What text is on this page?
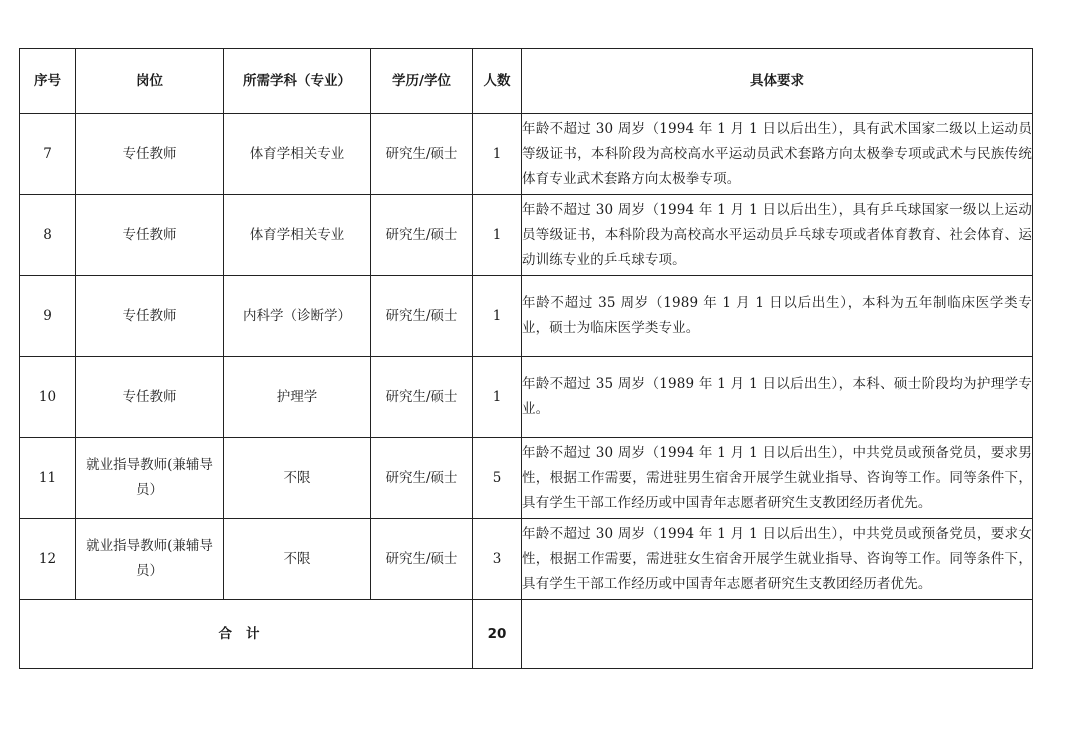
序号	岗位	所需学科（专业）	学历/学位	人数	具体要求
7	专任教师	体育学相关专业	研究生/硕士	1	年龄不超过 30 周岁（1994 年 1 月 1 日以后出生），具有武术国家二级以上运动员等级证书，本科阶段为高校高水平运动员武术套路方向太极拳专项或武术与民族传统体育专业武术套路方向太极拳专项。
8	专任教师	体育学相关专业	研究生/硕士	1	年龄不超过 30 周岁（1994 年 1 月 1 日以后出生），具有乒乓球国家一级以上运动员等级证书，本科阶段为高校高水平运动员乒乓球专项或者体育教育、社会体育、运动训练专业的乒乓球专项。
9	专任教师	内科学（诊断学）	研究生/硕士	1	年龄不超过 35 周岁（1989 年 1 月 1 日以后出生），本科为五年制临床医学类专业，硕士为临床医学类专业。
10	专任教师	护理学	研究生/硕士	1	年龄不超过 35 周岁（1989 年 1 月 1 日以后出生），本科、硕士阶段均为护理学专业。
11	就业指导教师(兼辅导员）	不限	研究生/硕士	5	年龄不超过 30 周岁（1994 年 1 月 1 日以后出生），中共党员或预备党员，要求男性，根据工作需要，需进驻男生宿舍开展学生就业指导、咨询等工作。同等条件下，具有学生干部工作经历或中国青年志愿者研究生支教团经历者优先。
12	就业指导教师(兼辅导员）	不限	研究生/硕士	3	年龄不超过 30 周岁（1994 年 1 月 1 日以后出生），中共党员或预备党员，要求女性，根据工作需要，需进驻女生宿舍开展学生就业指导、咨询等工作。同等条件下，具有学生干部工作经历或中国青年志愿者研究生支教团经历者优先。
合计				20	
